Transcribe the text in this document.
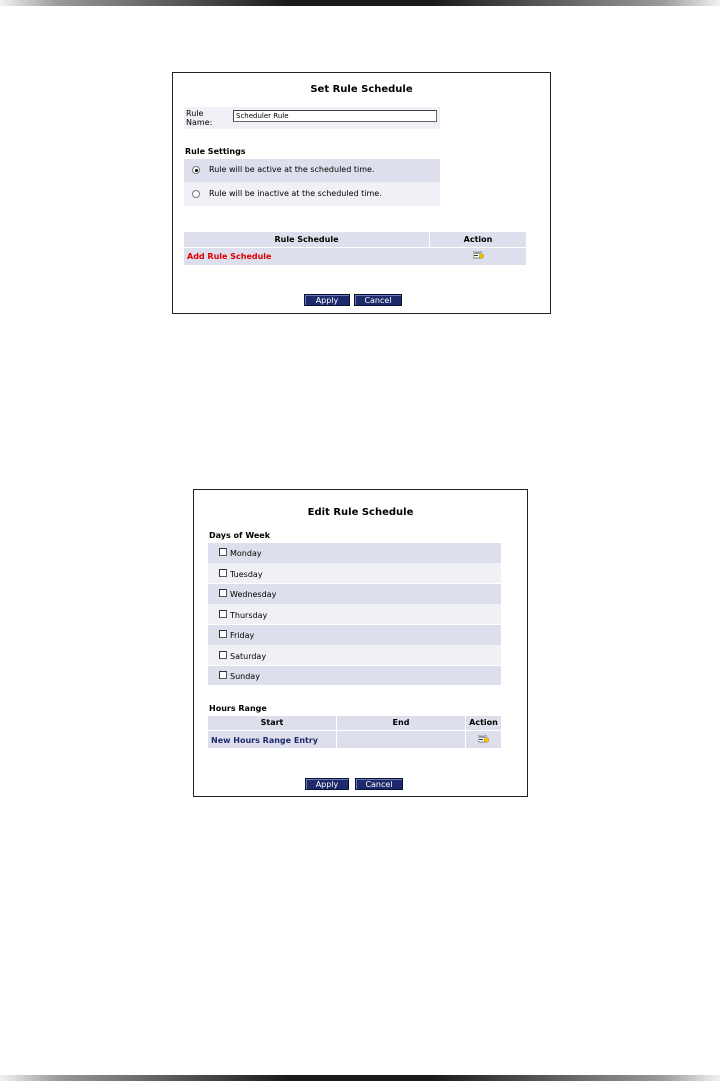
Set Rule Schedule
Rule Name:
Scheduler Rule
Rule Settings
Rule will be active at the scheduled time.
Rule will be inactive at the scheduled time.
Rule Schedule	Action
Add Rule Schedule
Apply	Cancel
Edit Rule Schedule
Days of Week
Monday
Tuesday
Wednesday
Thursday
Friday
Saturday
Sunday
Hours Range
Start	End	Action
New Hours Range Entry
Apply	Cancel
